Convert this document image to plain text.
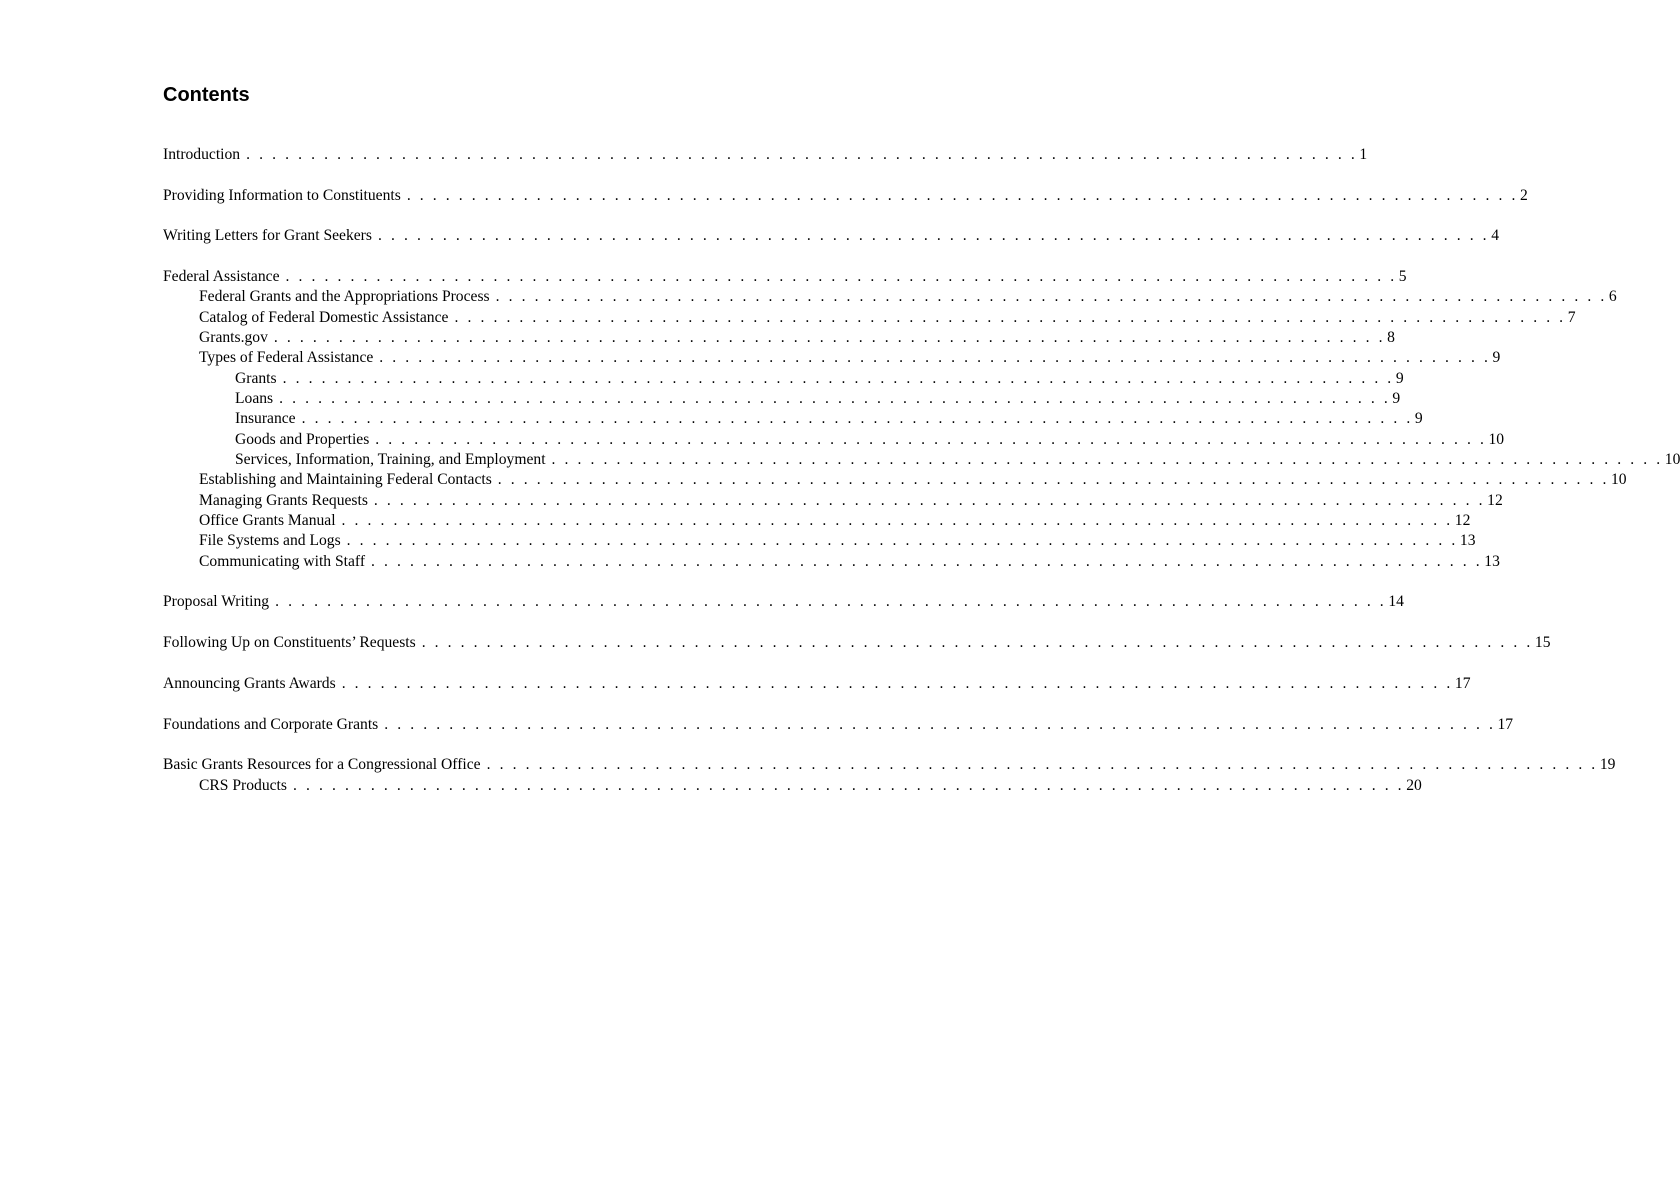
Contents
Introduction . . . . . . . . . . . . . . . . . . . . . . . . . . . . . . . . . . . . . . . . . . . . . . . . . . . . . . . . . . . . . . . . . . . . . . . . . . . . . . . . . . . . . . 1
Providing Information to Constituents . . . . . . . . . . . . . . . . . . . . . . . . . . . . . . . . . . . . . . . . . . . . . . . . . . . . . . . . . . . . . . . . . . . . . . . . . . . . . . . . . . . . . . 2
Writing Letters for Grant Seekers . . . . . . . . . . . . . . . . . . . . . . . . . . . . . . . . . . . . . . . . . . . . . . . . . . . . . . . . . . . . . . . . . . . . . . . . . . . . . . . . . . . . . . 4
Federal Assistance . . . . . . . . . . . . . . . . . . . . . . . . . . . . . . . . . . . . . . . . . . . . . . . . . . . . . . . . . . . . . . . . . . . . . . . . . . . . . . . . . . . . . . 5
Federal Grants and the Appropriations Process . . . . . . . . . . . . . . . . . . . . . . . . . . . . . . . . . . . . . . . . . . . . . . . . . . . . . . . . . . . . . . . . . . . . . . . . . . . . . . . . . . . . . . 6
Catalog of Federal Domestic Assistance . . . . . . . . . . . . . . . . . . . . . . . . . . . . . . . . . . . . . . . . . . . . . . . . . . . . . . . . . . . . . . . . . . . . . . . . . . . . . . . . . . . . . . 7
Grants.gov . . . . . . . . . . . . . . . . . . . . . . . . . . . . . . . . . . . . . . . . . . . . . . . . . . . . . . . . . . . . . . . . . . . . . . . . . . . . . . . . . . . . . . 8
Types of Federal Assistance . . . . . . . . . . . . . . . . . . . . . . . . . . . . . . . . . . . . . . . . . . . . . . . . . . . . . . . . . . . . . . . . . . . . . . . . . . . . . . . . . . . . . . 9
Grants . . . . . . . . . . . . . . . . . . . . . . . . . . . . . . . . . . . . . . . . . . . . . . . . . . . . . . . . . . . . . . . . . . . . . . . . . . . . . . . . . . . . . . 9
Loans . . . . . . . . . . . . . . . . . . . . . . . . . . . . . . . . . . . . . . . . . . . . . . . . . . . . . . . . . . . . . . . . . . . . . . . . . . . . . . . . . . . . . . 9
Insurance . . . . . . . . . . . . . . . . . . . . . . . . . . . . . . . . . . . . . . . . . . . . . . . . . . . . . . . . . . . . . . . . . . . . . . . . . . . . . . . . . . . . . . 9
Goods and Properties . . . . . . . . . . . . . . . . . . . . . . . . . . . . . . . . . . . . . . . . . . . . . . . . . . . . . . . . . . . . . . . . . . . . . . . . . . . . . . . . . . . . . . 10
Services, Information, Training, and Employment . . . . . . . . . . . . . . . . . . . . . . . . . . . . . . . . . . . . . . . . . . . . . . . . . . . . . . . . . . . . . . . . . . . . . . . . . . . . . . . . . . . . . . 10
Establishing and Maintaining Federal Contacts . . . . . . . . . . . . . . . . . . . . . . . . . . . . . . . . . . . . . . . . . . . . . . . . . . . . . . . . . . . . . . . . . . . . . . . . . . . . . . . . . . . . . . 10
Managing Grants Requests . . . . . . . . . . . . . . . . . . . . . . . . . . . . . . . . . . . . . . . . . . . . . . . . . . . . . . . . . . . . . . . . . . . . . . . . . . . . . . . . . . . . . . 12
Office Grants Manual . . . . . . . . . . . . . . . . . . . . . . . . . . . . . . . . . . . . . . . . . . . . . . . . . . . . . . . . . . . . . . . . . . . . . . . . . . . . . . . . . . . . . . 12
File Systems and Logs . . . . . . . . . . . . . . . . . . . . . . . . . . . . . . . . . . . . . . . . . . . . . . . . . . . . . . . . . . . . . . . . . . . . . . . . . . . . . . . . . . . . . . 13
Communicating with Staff . . . . . . . . . . . . . . . . . . . . . . . . . . . . . . . . . . . . . . . . . . . . . . . . . . . . . . . . . . . . . . . . . . . . . . . . . . . . . . . . . . . . . . 13
Proposal Writing . . . . . . . . . . . . . . . . . . . . . . . . . . . . . . . . . . . . . . . . . . . . . . . . . . . . . . . . . . . . . . . . . . . . . . . . . . . . . . . . . . . . . . 14
Following Up on Constituents’ Requests . . . . . . . . . . . . . . . . . . . . . . . . . . . . . . . . . . . . . . . . . . . . . . . . . . . . . . . . . . . . . . . . . . . . . . . . . . . . . . . . . . . . . . 15
Announcing Grants Awards . . . . . . . . . . . . . . . . . . . . . . . . . . . . . . . . . . . . . . . . . . . . . . . . . . . . . . . . . . . . . . . . . . . . . . . . . . . . . . . . . . . . . . 17
Foundations and Corporate Grants . . . . . . . . . . . . . . . . . . . . . . . . . . . . . . . . . . . . . . . . . . . . . . . . . . . . . . . . . . . . . . . . . . . . . . . . . . . . . . . . . . . . . . 17
Basic Grants Resources for a Congressional Office . . . . . . . . . . . . . . . . . . . . . . . . . . . . . . . . . . . . . . . . . . . . . . . . . . . . . . . . . . . . . . . . . . . . . . . . . . . . . . . . . . . . . . 19
CRS Products . . . . . . . . . . . . . . . . . . . . . . . . . . . . . . . . . . . . . . . . . . . . . . . . . . . . . . . . . . . . . . . . . . . . . . . . . . . . . . . . . . . . . . 20
